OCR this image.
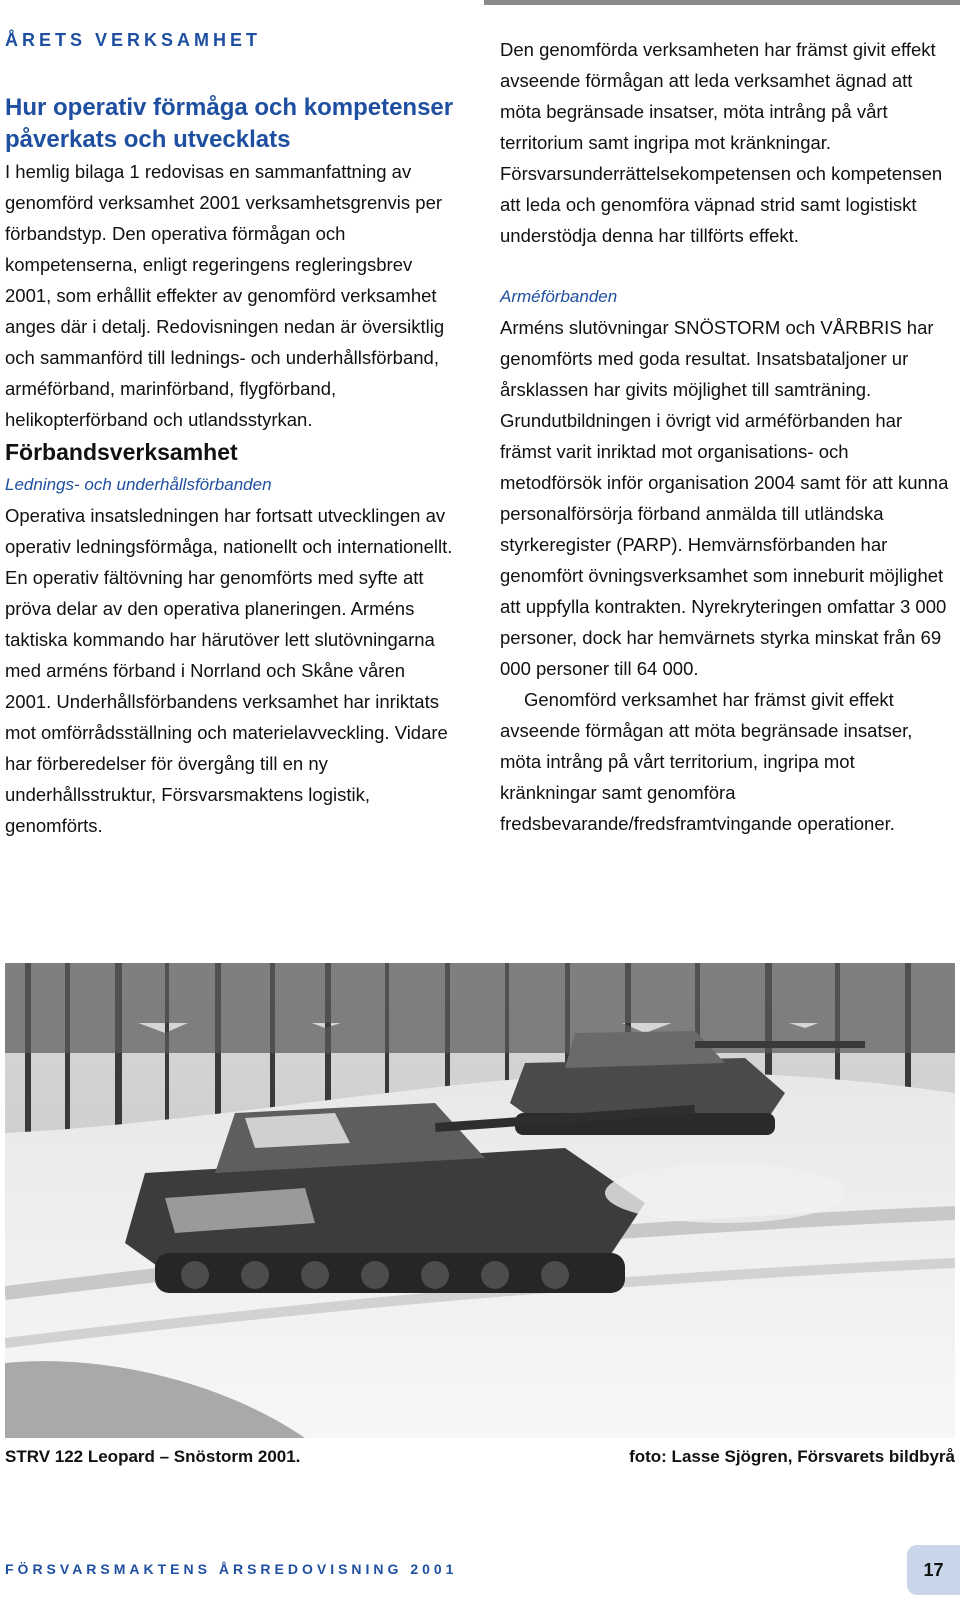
ÅRETS VERKSAMHET

Hur operativ förmåga och kompetenser påverkats och utvecklats

I hemlig bilaga 1 redovisas en sammanfattning av genomförd verksamhet 2001 verksamhetsgrenvis per förbandstyp. Den operativa förmågan och kompetenserna, enligt regeringens regleringsbrev 2001, som erhållit effekter av genomförd verksamhet anges där i detalj. Redovisningen nedan är översiktlig och sammanförd till lednings- och underhållsförband, arméförband, marinförband, flygförband, helikopterförband och utlandsstyrkan.

Förbandsverksamhet

Lednings- och underhållsförbanden

Operativa insatsledningen har fortsatt utvecklingen av operativ ledningsförmåga, nationellt och internationellt. En operativ fältövning har genomförts med syfte att pröva delar av den operativa planeringen. Arméns taktiska kommando har härutöver lett slutövningarna med arméns förband i Norrland och Skåne våren 2001. Underhållsförbandens verksamhet har inriktats mot omförrådsställning och materielavveckling. Vidare har förberedelser för övergång till en ny underhållsstruktur, Försvarsmaktens logistik, genomförts.

Den genomförda verksamheten har främst givit effekt avseende förmågan att leda verksamhet ägnad att möta begränsade insatser, möta intrång på vårt territorium samt ingripa mot kränkningar. Försvarsunderrättelsekompetensen och kompetensen att leda och genomföra väpnad strid samt logistiskt understödja denna har tillförts effekt.

Arméförbanden

Arméns slutövningar SNÖSTORM och VÅRBRIS har genomförts med goda resultat. Insatsbataljoner ur årsklassen har givits möjlighet till samträning. Grundutbildningen i övrigt vid arméförbanden har främst varit inriktad mot organisations- och metodförsök inför organisation 2004 samt för att kunna personalförsörja förband anmälda till utländska styrkeregister (PARP). Hemvärnsförbanden har genomfört övningsverksamhet som inneburit möjlighet att uppfylla kontrakten. Nyrekryteringen omfattar 3 000 personer, dock har hemvärnets styrka minskat från 69 000 personer till 64 000.

Genomförd verksamhet har främst givit effekt avseende förmågan att möta begränsade insatser, möta intrång på vårt territorium, ingripa mot kränkningar samt genomföra fredsbevarande/fredsframtvingande operationer.

STRV 122 Leopard – Snöstorm 2001.	foto: Lasse Sjögren, Försvarets bildbyrå
FÖRSVARSMAKTENS ÅRSREDOVISNING 2001	17
